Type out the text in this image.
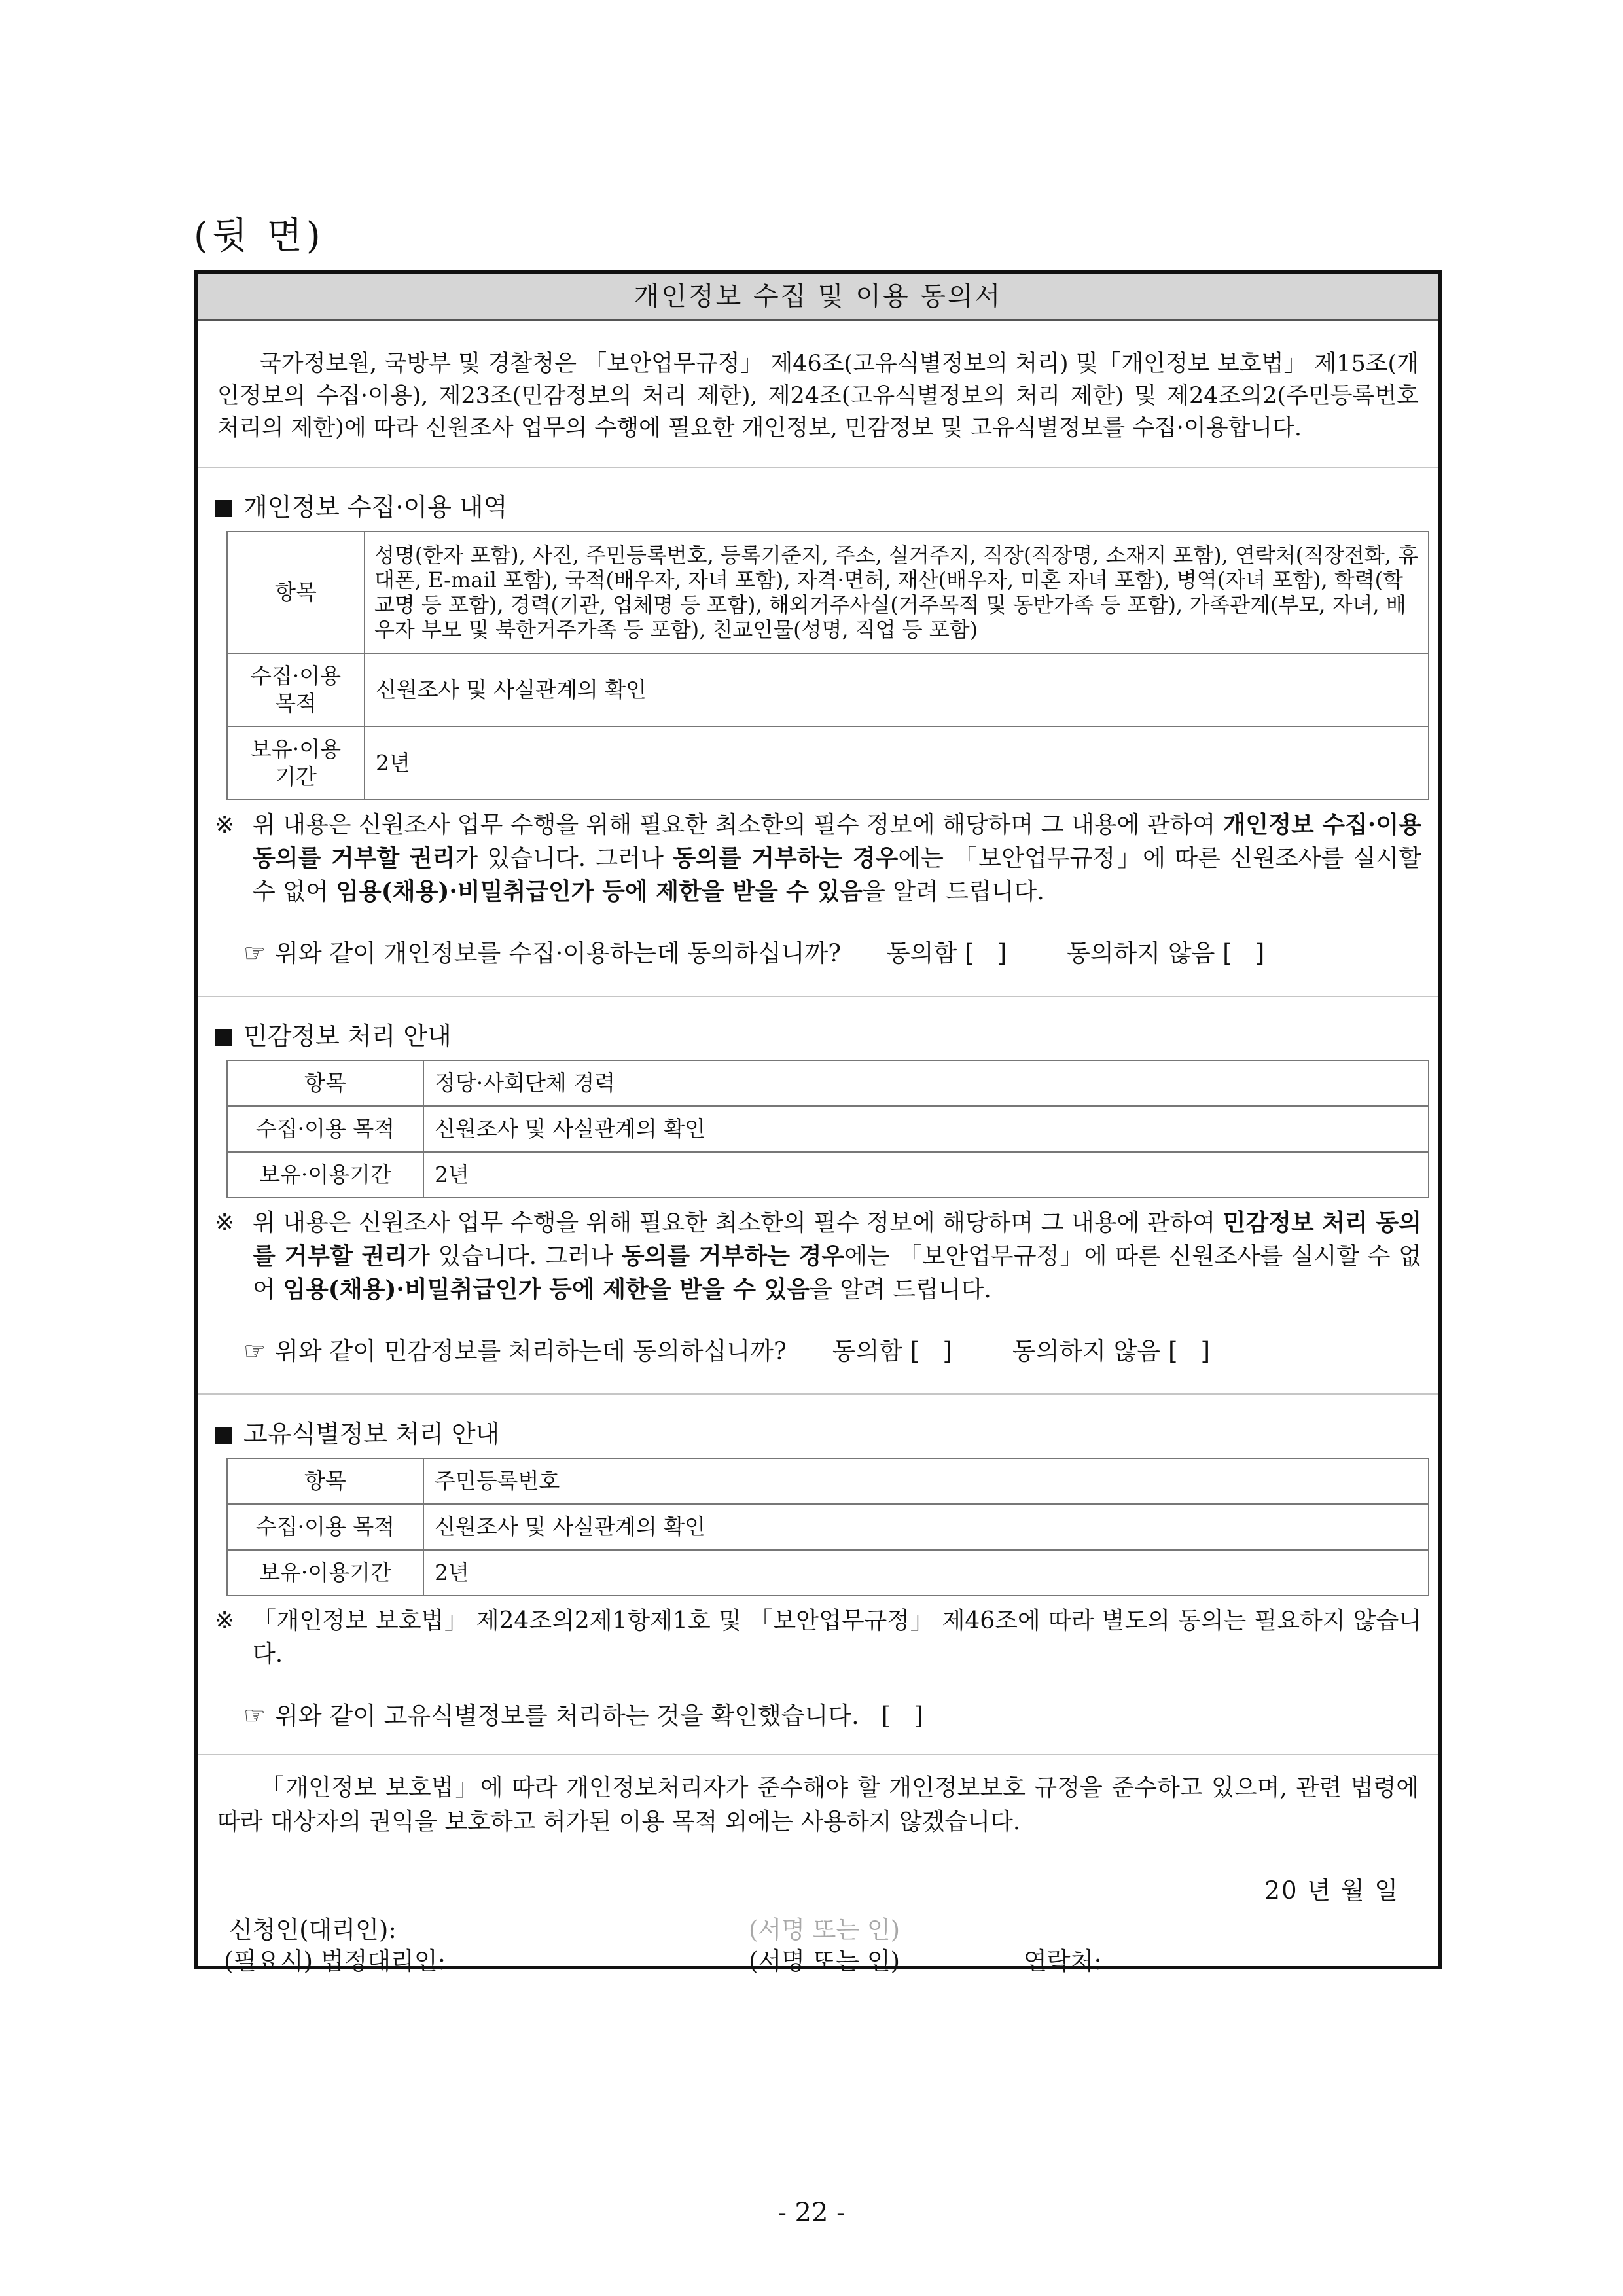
(뒷 면)
개인정보 수집 및 이용 동의서
국가정보원, 국방부 및 경찰청은 「보안업무규정」 제46조(고유식별정보의 처리) 및「개인정보 보호법」 제15조(개인정보의 수집·이용), 제23조(민감정보의 처리 제한), 제24조(고유식별정보의 처리 제한) 및 제24조의2(주민등록번호 처리의 제한)에 따라 신원조사 업무의 수행에 필요한 개인정보, 민감정보 및 고유식별정보를 수집·이용합니다.
개인정보 수집·이용 내역
항목	성명(한자 포함), 사진, 주민등록번호, 등록기준지, 주소, 실거주지, 직장(직장명, 소재지 포함), 연락처(직장전화, 휴대폰, E-mail 포함), 국적(배우자, 자녀 포함), 자격·면허, 재산(배우자, 미혼 자녀 포함), 병역(자녀 포함), 학력(학교명 등 포함), 경력(기관, 업체명 등 포함), 해외거주사실(거주목적 및 동반가족 등 포함), 가족관계(부모, 자녀, 배우자 부모 및 북한거주가족 등 포함), 친교인물(성명, 직업 등 포함)
수집·이용 목적	신원조사 및 사실관계의 확인
보유·이용 기간	2년
※ 위 내용은 신원조사 업무 수행을 위해 필요한 최소한의 필수 정보에 해당하며 그 내용에 관하여 개인정보 수집·이용 동의를 거부할 권리가 있습니다. 그러나 동의를 거부하는 경우에는 「보안업무규정」에 따른 신원조사를 실시할 수 없어 임용(채용)·비밀취급인가 등에 제한을 받을 수 있음을 알려 드립니다.
☞ 위와 같이 개인정보를 수집·이용하는데 동의하십니까? 동의함 [   ] 동의하지 않음 [   ]
민감정보 처리 안내
항목	정당·사회단체 경력
수집·이용 목적	신원조사 및 사실관계의 확인
보유·이용기간	2년
※ 위 내용은 신원조사 업무 수행을 위해 필요한 최소한의 필수 정보에 해당하며 그 내용에 관하여 민감정보 처리 동의를 거부할 권리가 있습니다. 그러나 동의를 거부하는 경우에는 「보안업무규정」에 따른 신원조사를 실시할 수 없어 임용(채용)·비밀취급인가 등에 제한을 받을 수 있음을 알려 드립니다.
☞ 위와 같이 민감정보를 처리하는데 동의하십니까? 동의함 [   ] 동의하지 않음 [   ]
고유식별정보 처리 안내
항목	주민등록번호
수집·이용 목적	신원조사 및 사실관계의 확인
보유·이용기간	2년
※ 「개인정보 보호법」 제24조의2제1항제1호 및 「보안업무규정」 제46조에 따라 별도의 동의는 필요하지 않습니다.
☞ 위와 같이 고유식별정보를 처리하는 것을 확인했습니다. [   ]
「개인정보 보호법」에 따라 개인정보처리자가 준수해야 할 개인정보보호 규정을 준수하고 있으며, 관련 법령에 따라 대상자의 권익을 보호하고 허가된 이용 목적 외에는 사용하지 않겠습니다.
20 년 월 일
신청인(대리인):	(서명 또는 인)
(필요시) 법정대리인:	(서명 또는 인)	연락처:
- 22 -
